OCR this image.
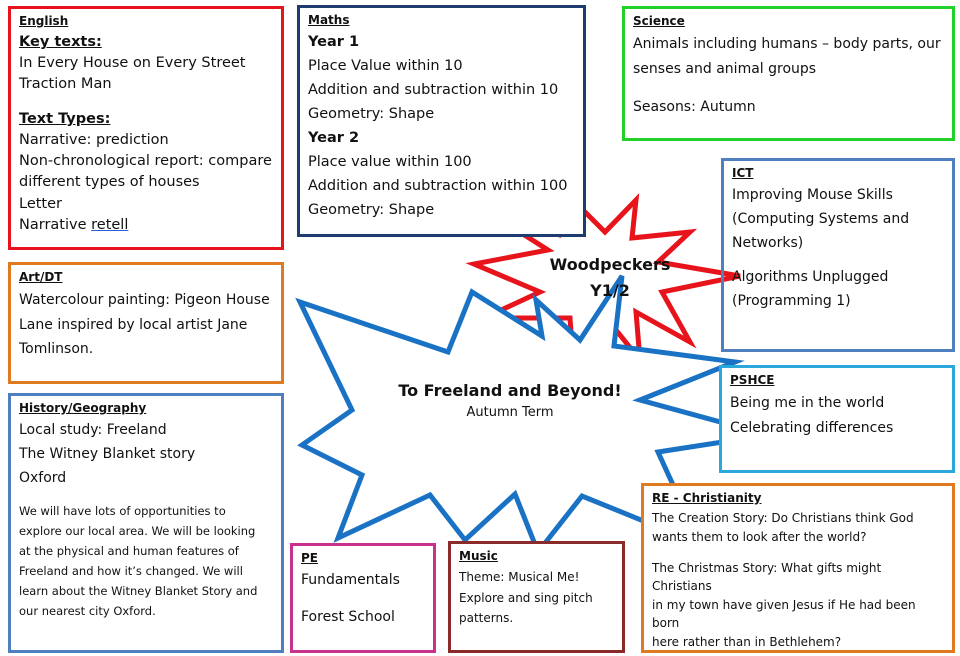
English
Key texts:
In Every House on Every Street
Traction Man
Text Types:
Narrative: prediction
Non-chronological report: compare
different types of houses
Letter
Narrative retell
Maths
Year 1
Place Value within 10
Addition and subtraction within 10
Geometry: Shape
Year 2
Place value within 100
Addition and subtraction within 100
Geometry: Shape
Science
Animals including humans – body parts, our
senses and animal groups
Seasons: Autumn
ICT
Improving Mouse Skills
(Computing Systems and
Networks)
Algorithms Unplugged
(Programming 1)
Art/DT
Watercolour painting: Pigeon House
Lane inspired by local artist Jane
Tomlinson.
History/Geography
Local study: Freeland
The Witney Blanket story
Oxford
We will have lots of opportunities to
explore our local area. We will be looking
at the physical and human features of
Freeland and how it’s changed. We will
learn about the Witney Blanket Story and
our nearest city Oxford.
PSHCE
Being me in the world
Celebrating differences
RE - Christianity
The Creation Story: Do Christians think God
wants them to look after the world?
The Christmas Story: What gifts might Christians
in my town have given Jesus if He had been born
here rather than in Bethlehem?
PE
Fundamentals
Forest School
Music
Theme: Musical Me!
Explore and sing pitch
patterns.
Woodpeckers
Y1/2
To Freeland and Beyond!
Autumn Term
